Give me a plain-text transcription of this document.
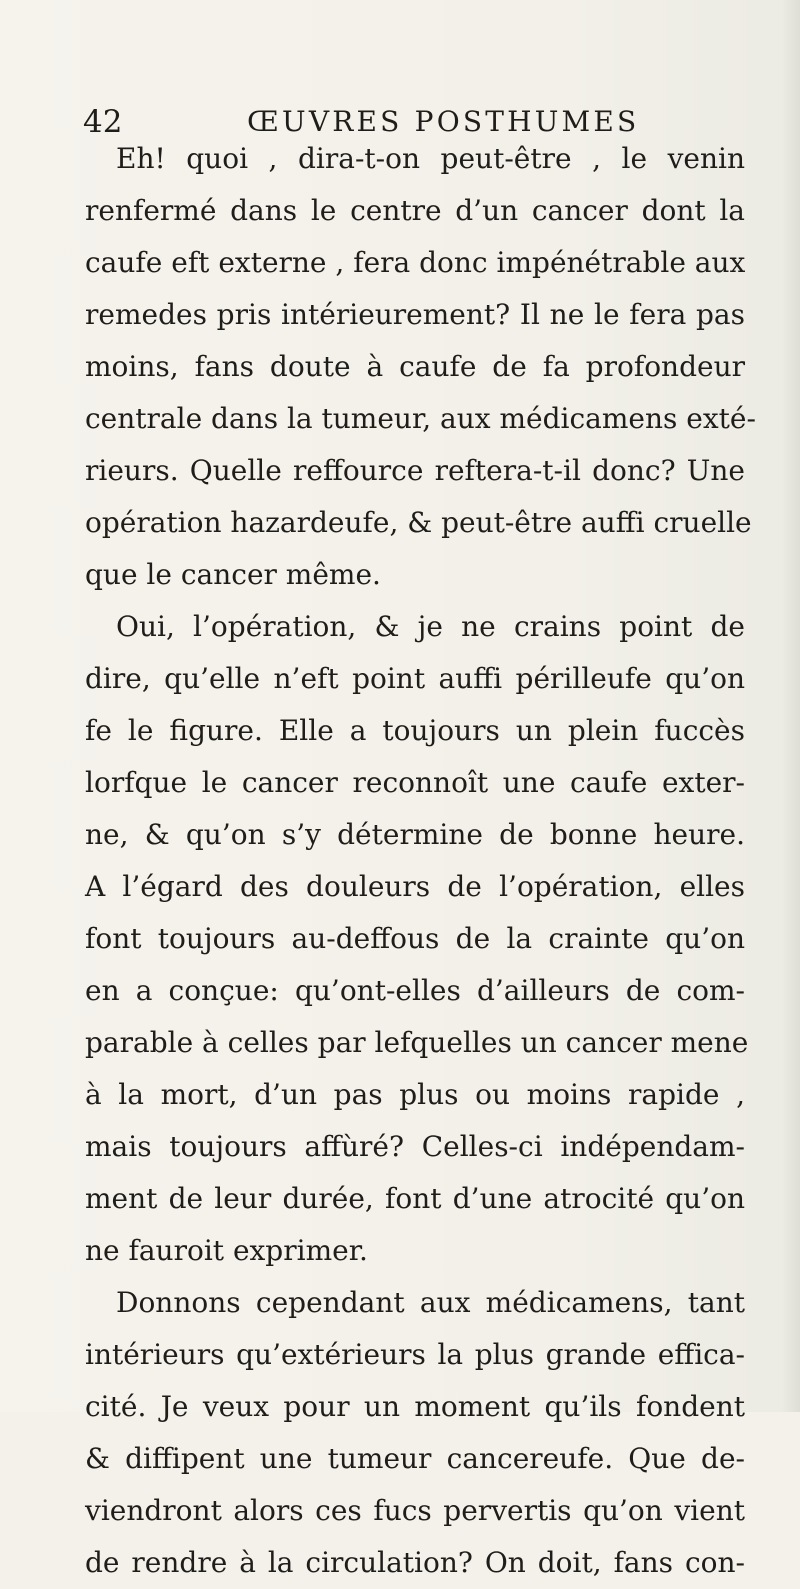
42	ŒUVRES POSTHUMES
Eh! quoi , dira-t-on peut-être , le venin
renfermé dans le centre d’un cancer dont la
caufe eft externe , fera donc impénétrable aux
remedes pris intérieurement? Il ne le fera pas
moins, fans doute à caufe de fa profondeur
centrale dans la tumeur, aux médicamens exté-
rieurs. Quelle reffource reftera-t-il donc? Une
opération hazardeufe, & peut-être auffi cruelle
que le cancer même.
Oui, l’opération, & je ne crains point de
dire, qu’elle n’eft point auffi périlleufe qu’on
fe le figure. Elle a toujours un plein fuccès
lorfque le cancer reconnoît une caufe exter-
ne, & qu’on s’y détermine de bonne heure.
A l’égard des douleurs de l’opération, elles
font toujours au-deffous de la crainte qu’on
en a conçue: qu’ont-elles d’ailleurs de com-
parable à celles par lefquelles un cancer mene
à la mort, d’un pas plus ou moins rapide ,
mais toujours affùré? Celles-ci indépendam-
ment de leur durée, font d’une atrocité qu’on
ne fauroit exprimer.
Donnons cependant aux médicamens, tant
intérieurs qu’extérieurs la plus grande effica-
cité. Je veux pour un moment qu’ils fondent
& diffipent une tumeur cancereufe. Que de-
viendront alors ces fucs pervertis qu’on vient
de rendre à la circulation? On doit, fans con-
